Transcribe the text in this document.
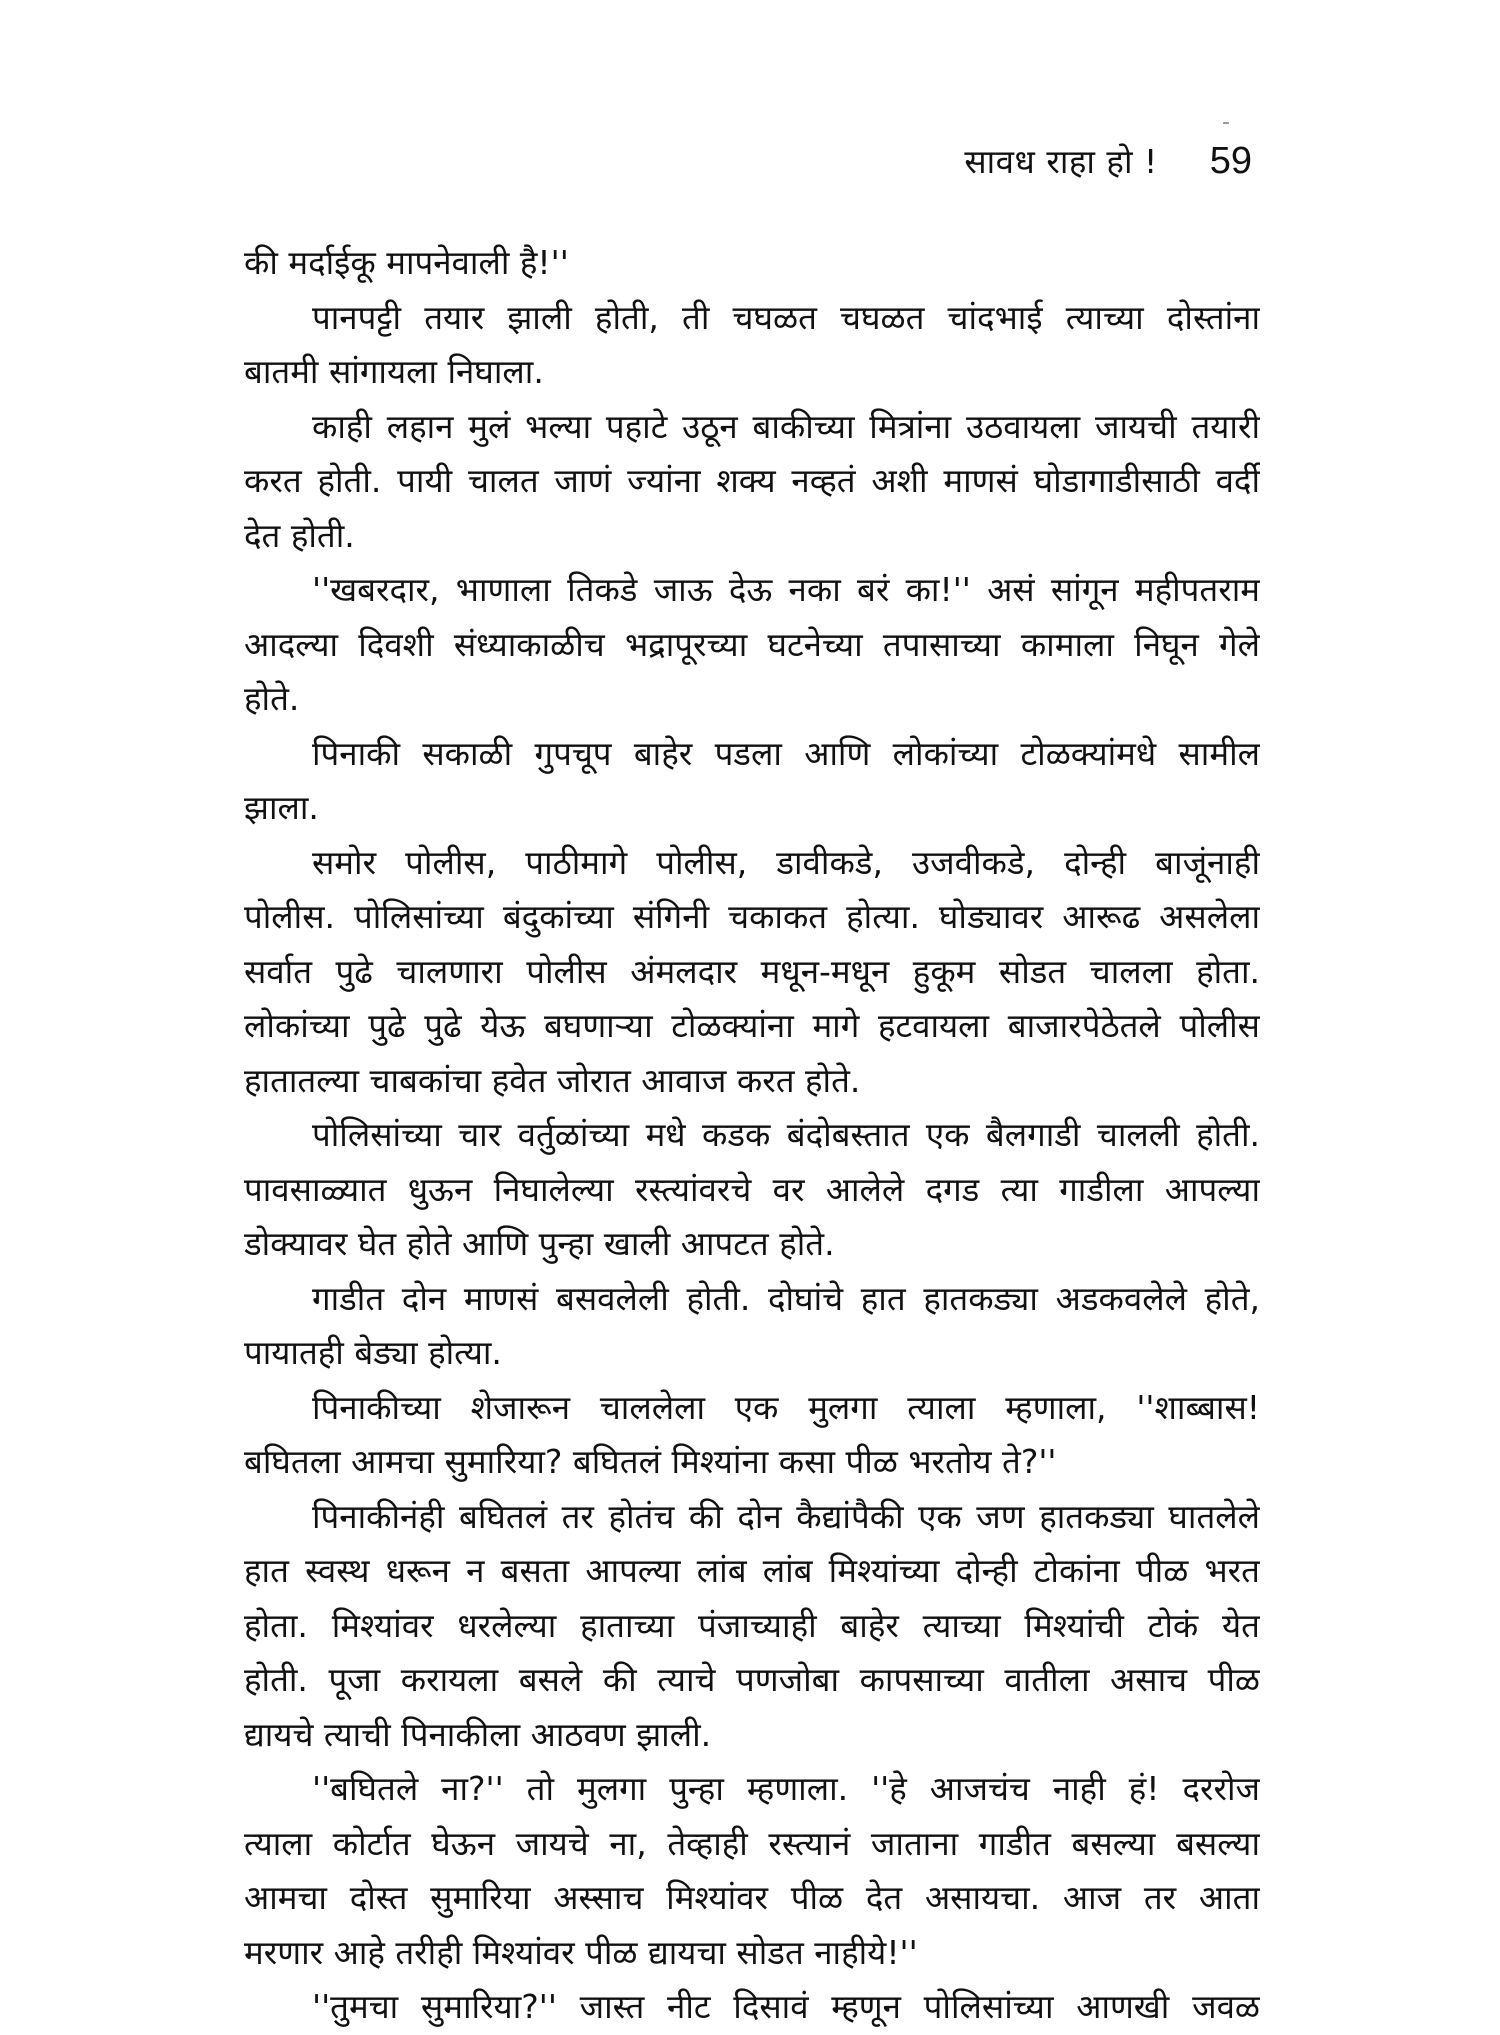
सावध राहा हो ! 59
की मर्दाईकू मापनेवाली है!''
पानपट्टी तयार झाली होती, ती चघळत चघळत चांदभाई त्याच्या दोस्तांना
बातमी सांगायला निघाला.
काही लहान मुलं भल्या पहाटे उठून बाकीच्या मित्रांना उठवायला जायची तयारी
करत होती. पायी चालत जाणं ज्यांना शक्य नव्हतं अशी माणसं घोडागाडीसाठी वर्दी
देत होती.
''खबरदार, भाणाला तिकडे जाऊ देऊ नका बरं का!'' असं सांगून महीपतराम
आदल्या दिवशी संध्याकाळीच भद्रापूरच्या घटनेच्या तपासाच्या कामाला निघून गेले
होते.
पिनाकी सकाळी गुपचूप बाहेर पडला आणि लोकांच्या टोळक्यांमधे सामील
झाला.
समोर पोलीस, पाठीमागे पोलीस, डावीकडे, उजवीकडे, दोन्ही बाजूंनाही
पोलीस. पोलिसांच्या बंदुकांच्या संगिनी चकाकत होत्या. घोड्यावर आरूढ असलेला
सर्वात पुढे चालणारा पोलीस अंमलदार मधून-मधून हुकूम सोडत चालला होता.
लोकांच्या पुढे पुढे येऊ बघणाऱ्या टोळक्यांना मागे हटवायला बाजारपेठेतले पोलीस
हातातल्या चाबकांचा हवेत जोरात आवाज करत होते.
पोलिसांच्या चार वर्तुळांच्या मधे कडक बंदोबस्तात एक बैलगाडी चालली होती.
पावसाळ्यात धुऊन निघालेल्या रस्त्यांवरचे वर आलेले दगड त्या गाडीला आपल्या
डोक्यावर घेत होते आणि पुन्हा खाली आपटत होते.
गाडीत दोन माणसं बसवलेली होती. दोघांचे हात हातकड्या अडकवलेले होते,
पायातही बेड्या होत्या.
पिनाकीच्या शेजारून चाललेला एक मुलगा त्याला म्हणाला, ''शाब्बास!
बघितला आमचा सुमारिया? बघितलं मिश्यांना कसा पीळ भरतोय ते?''
पिनाकीनंही बघितलं तर होतंच की दोन कैद्यांपैकी एक जण हातकड्या घातलेले
हात स्वस्थ धरून न बसता आपल्या लांब लांब मिश्यांच्या दोन्ही टोकांना पीळ भरत
होता. मिश्यांवर धरलेल्या हाताच्या पंजाच्याही बाहेर त्याच्या मिश्यांची टोकं येत
होती. पूजा करायला बसले की त्याचे पणजोबा कापसाच्या वातीला असाच पीळ
द्यायचे त्याची पिनाकीला आठवण झाली.
''बघितले ना?'' तो मुलगा पुन्हा म्हणाला. ''हे आजचंच नाही हं! दररोज
त्याला कोर्टात घेऊन जायचे ना, तेव्हाही रस्त्यानं जाताना गाडीत बसल्या बसल्या
आमचा दोस्त सुमारिया अस्साच मिश्यांवर पीळ देत असायचा. आज तर आता
मरणार आहे तरीही मिश्यांवर पीळ द्यायचा सोडत नाहीये!''
''तुमचा सुमारिया?'' जास्त नीट दिसावं म्हणून पोलिसांच्या आणखी जवळ
